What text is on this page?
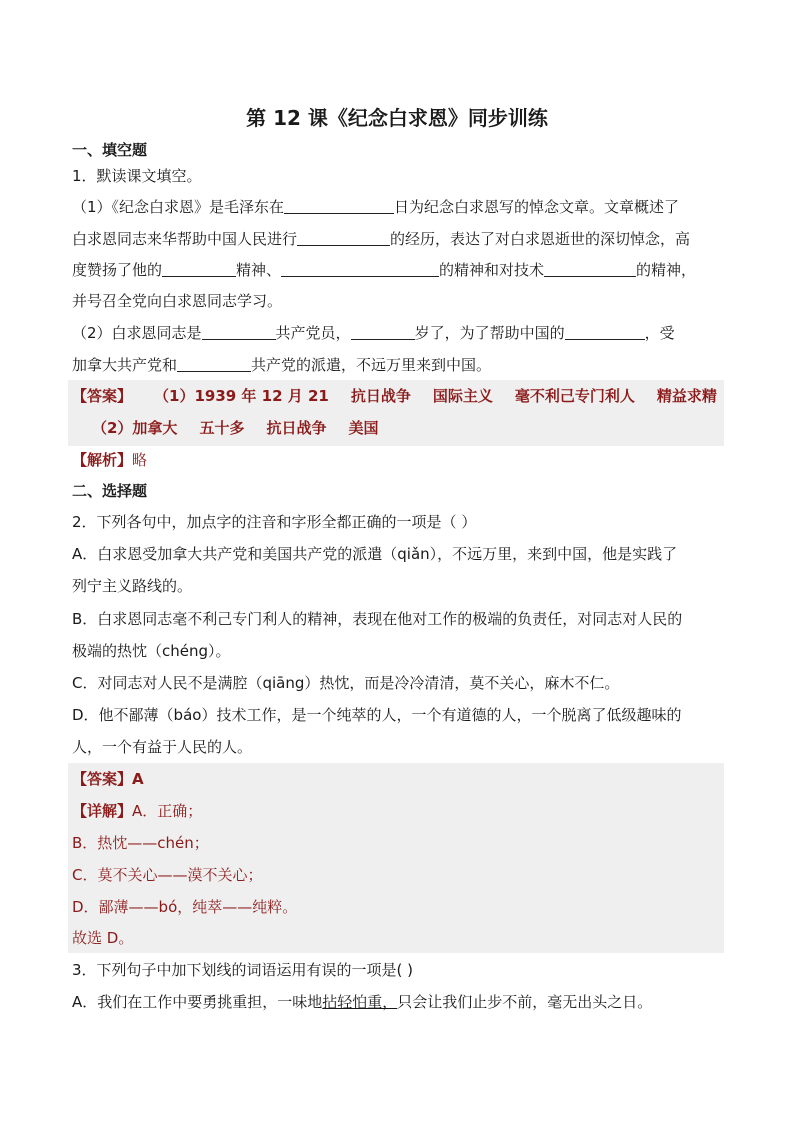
第 12 课《纪念白求恩》同步训练
一、填空题
1．默读课文填空。
（1）《纪念白求恩》是毛泽东在	日为纪念白求恩写的悼念文章。文章概述了
白求恩同志来华帮助中国人民进行	的经历，表达了对白求恩逝世的深切悼念，高
度赞扬了他的	精神、	的精神和对技术	的精神，
并号召全党向白求恩同志学习。
（2）白求恩同志是	共产党员，	岁了，为了帮助中国的	，受
加拿大共产党和	共产党的派遣，不远万里来到中国。
【答案】 （1）1939 年 12 月 21 抗日战争 国际主义 毫不利己专门利人 精益求精
（2）加拿大 五十多 抗日战争 美国
【解析】略
二、选择题
2．下列各句中，加点字的注音和字形全都正确的一项是（ ）
A．白求恩受加拿大共产党和美国共产党的派遣（qiǎn），不远万里，来到中国，他是实践了
列宁主义路线的。
B．白求恩同志毫不利己专门利人的精神，表现在他对工作的极端的负责任，对同志对人民的
极端的热忱（chéng）。
C．对同志对人民不是满腔（qiāng）热忱，而是冷冷清清，莫不关心，麻木不仁。
D．他不鄙薄（báo）技术工作，是一个纯萃的人，一个有道德的人，一个脱离了低级趣味的
人，一个有益于人民的人。
【答案】A
【详解】A．正确；
B．热忱——chén；
C．莫不关心——漠不关心；
D．鄙薄——bó，纯萃——纯粹。
故选 D。
3．下列句子中加下划线的词语运用有误的一项是( )
A．我们在工作中要勇挑重担，一味地拈轻怕重，只会让我们止步不前，毫无出头之日。
